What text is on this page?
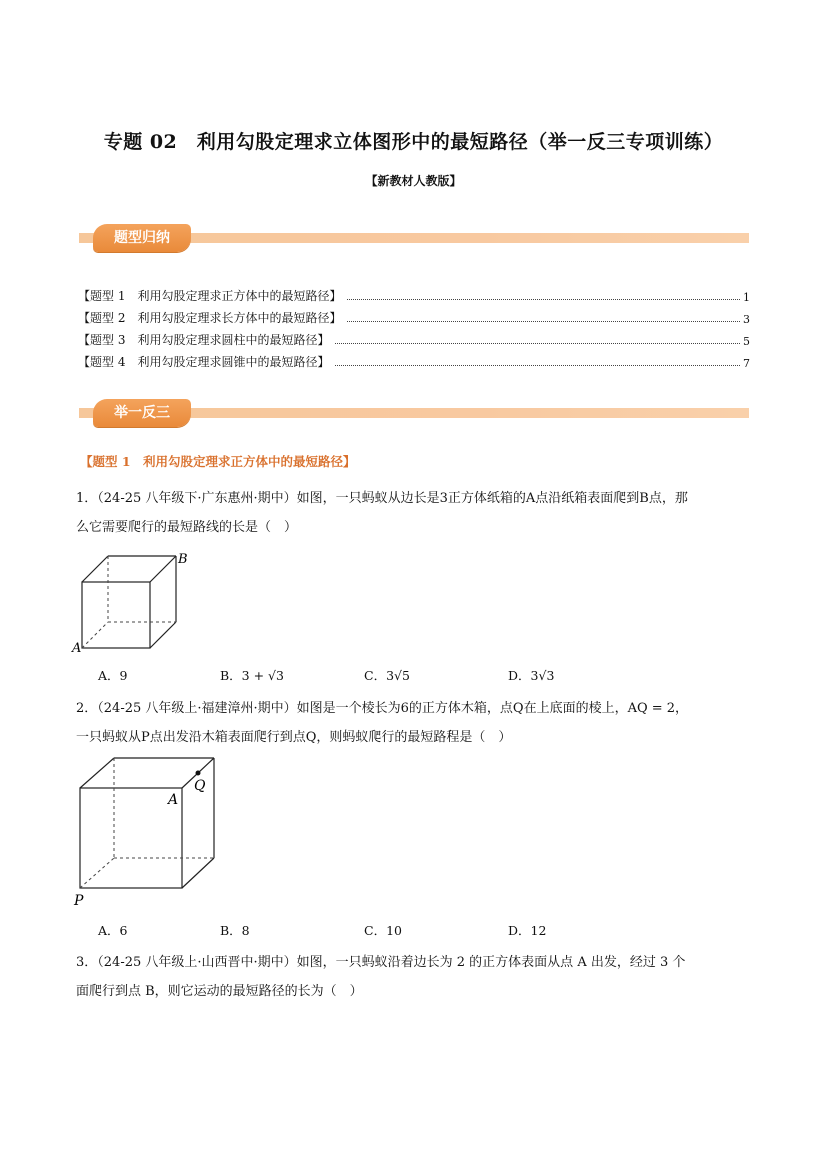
专题 02　利用勾股定理求立体图形中的最短路径（举一反三专项训练）
【新教材人教版】
题型归纳
【题型 1　利用勾股定理求正方体中的最短路径】	1
【题型 2　利用勾股定理求长方体中的最短路径】	3
【题型 3　利用勾股定理求圆柱中的最短路径】	5
【题型 4　利用勾股定理求圆锥中的最短路径】	7
举一反三
【题型 1　利用勾股定理求正方体中的最短路径】
1．（24-25 八年级下·广东惠州·期中）如图，一只蚂蚁从边长是3正方体纸箱的A点沿纸箱表面爬到B点，那
么它需要爬行的最短路线的长是（　）
B
A
A．9	B．3 + √3	C．3√5	D．3√3
2．（24-25 八年级上·福建漳州·期中）如图是一个棱长为6的正方体木箱，点Q在上底面的棱上，AQ = 2，
一只蚂蚁从P点出发沿木箱表面爬行到点Q，则蚂蚁爬行的最短路程是（　）
Q
A
P
A．6	B．8	C．10	D．12
3．（24-25 八年级上·山西晋中·期中）如图，一只蚂蚁沿着边长为 2 的正方体表面从点 A 出发，经过 3 个
面爬行到点 B，则它运动的最短路径的长为（　）
